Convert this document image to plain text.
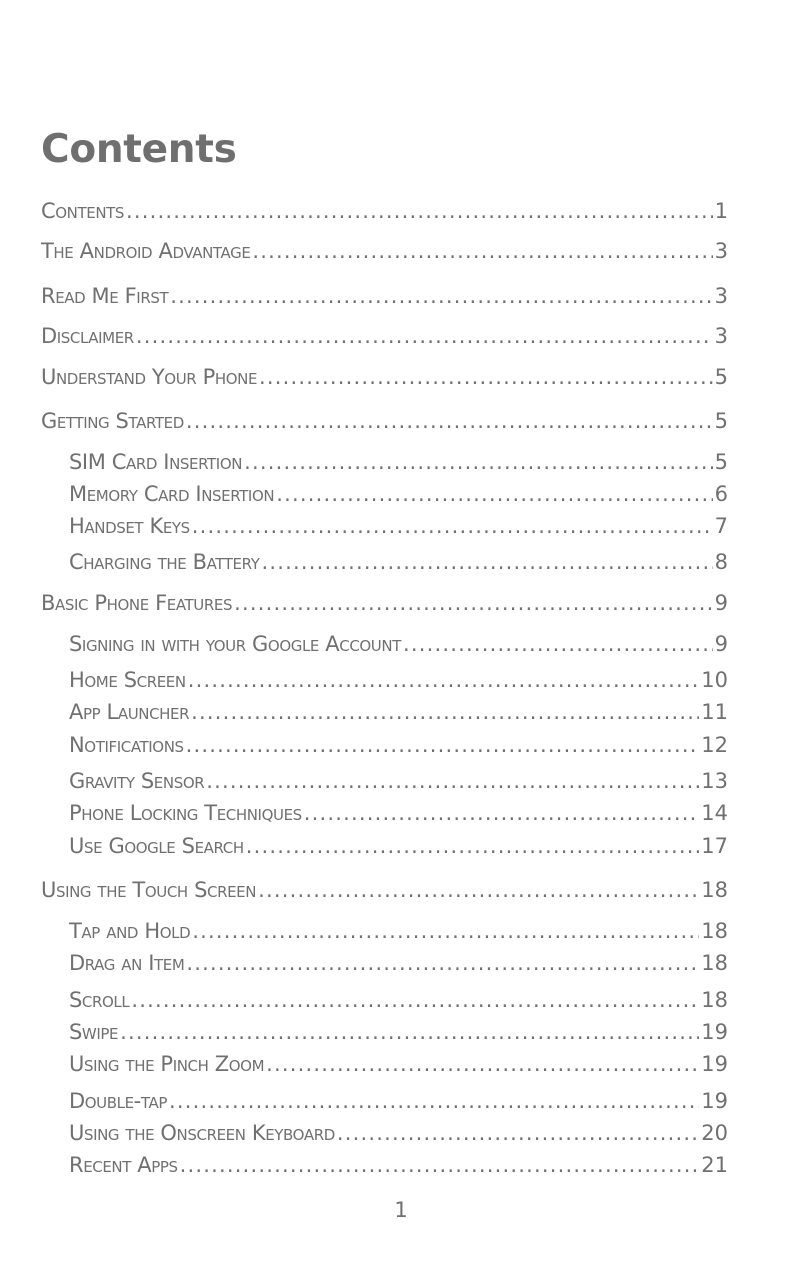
Contents
Contents .....	1
The Android Advantage .....	3
Read Me First .....	3
Disclaimer .....	3
Understand Your Phone .....	5
Getting Started .....	5
SIM Card Insertion .....	5
Memory Card Insertion .....	6
Handset Keys .....	7
Charging the Battery .....	8
Basic Phone Features .....	9
Signing in with your Google Account .....	9
Home Screen .....	10
App Launcher .....	11
Notifications .....	12
Gravity Sensor .....	13
Phone Locking Techniques .....	14
Use Google Search .....	17
Using the Touch Screen .....	18
Tap and Hold .....	18
Drag an Item .....	18
Scroll .....	18
Swipe .....	19
Using the Pinch Zoom .....	19
Double-tap .....	19
Using the Onscreen Keyboard .....	20
Recent Apps .....	21
1
